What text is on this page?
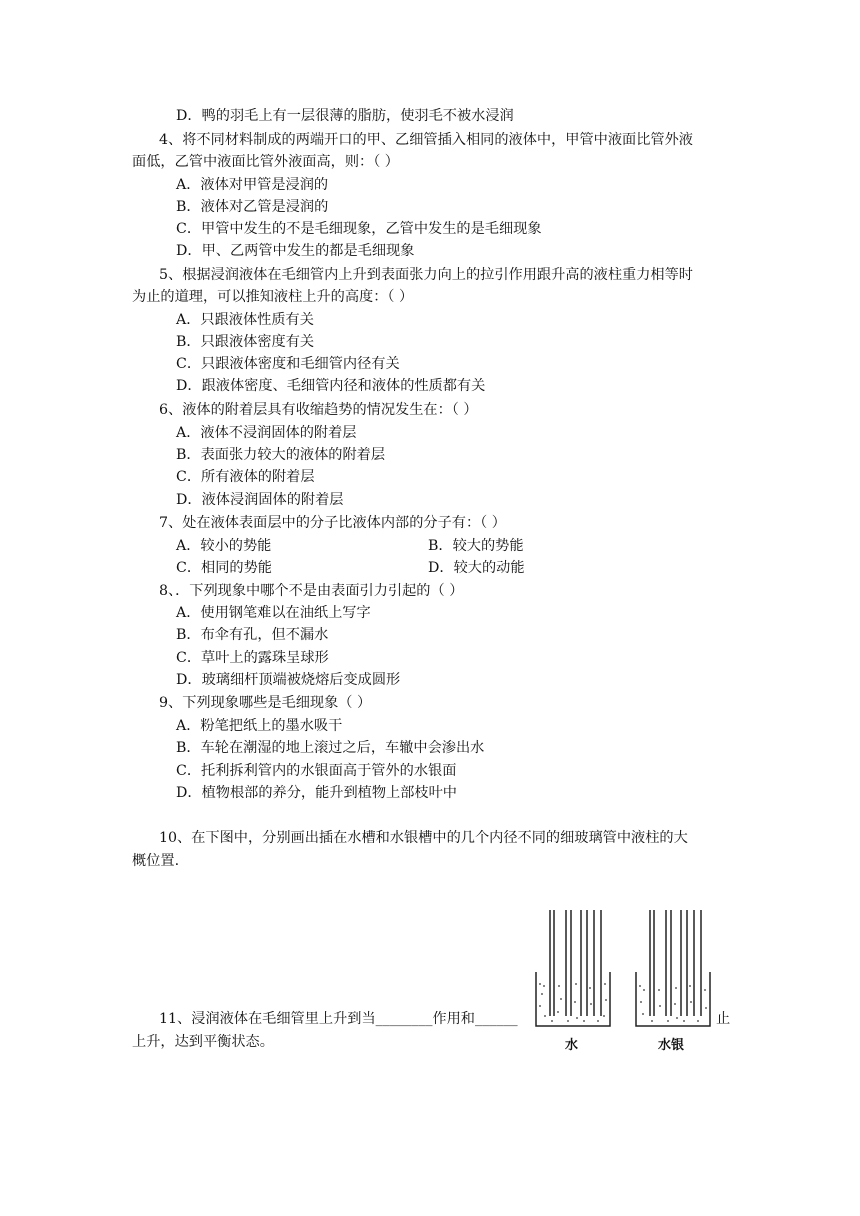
D．鸭的羽毛上有一层很薄的脂肪，使羽毛不被水浸润
4、将不同材料制成的两端开口的甲、乙细管插入相同的液体中，甲管中液面比管外液
面低，乙管中液面比管外液面高，则：（ ）
A．液体对甲管是浸润的
B．液体对乙管是浸润的
C．甲管中发生的不是毛细现象，乙管中发生的是毛细现象
D．甲、乙两管中发生的都是毛细现象
5、根据浸润液体在毛细管内上升到表面张力向上的拉引作用跟升高的液柱重力相等时
为止的道理，可以推知液柱上升的高度：（ ）
A．只跟液体性质有关
B．只跟液体密度有关
C．只跟液体密度和毛细管内径有关
D．跟液体密度、毛细管内径和液体的性质都有关
6、液体的附着层具有收缩趋势的情况发生在：（ ）
A．液体不浸润固体的附着层
B．表面张力较大的液体的附着层
C．所有液体的附着层
D．液体浸润固体的附着层
7、处在液体表面层中的分子比液体内部的分子有：（ ）
A．较小的势能	B．较大的势能
C．相同的势能	D．较大的动能
8、．下列现象中哪个不是由表面引力引起的（ ）
A．使用钢笔难以在油纸上写字
B．布伞有孔，但不漏水
C．草叶上的露珠呈球形
D．玻璃细杆顶端被烧熔后变成圆形
9、下列现象哪些是毛细现象（ ）
A．粉笔把纸上的墨水吸干
B．车轮在潮湿的地上滚过之后，车辙中会渗出水
C．托利拆利管内的水银面高于管外的水银面
D．植物根部的养分，能升到植物上部枝叶中
10、在下图中，分别画出插在水槽和水银槽中的几个内径不同的细玻璃管中液柱的大
概位置.
11、浸润液体在毛细管里上升到当________作用和______	止
上升，达到平衡状态。	水	水银
